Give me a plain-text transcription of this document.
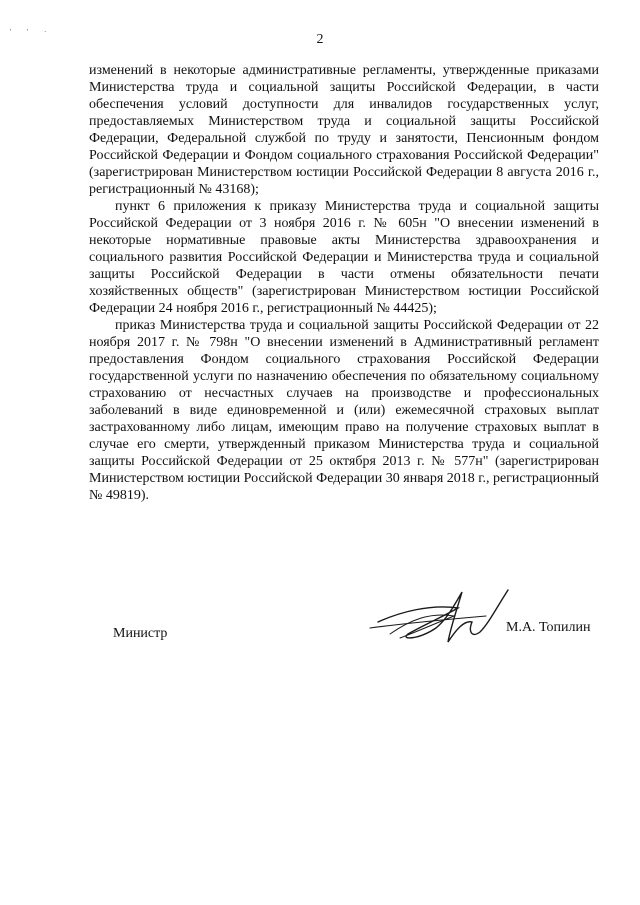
' ' ·	2

изменений в некоторые административные регламенты, утвержденные приказами Министерства труда и социальной защиты Российской Федерации, в части обеспечения условий доступности для инвалидов государственных услуг, предоставляемых Министерством труда и социальной защиты Российской Федерации, Федеральной службой по труду и занятости, Пенсионным фондом Российской Федерации и Фондом социального страхования Российской Федерации" (зарегистрирован Министерством юстиции Российской Федерации 8 августа 2016 г., регистрационный № 43168);

пункт 6 приложения к приказу Министерства труда и социальной защиты Российской Федерации от 3 ноября 2016 г. № 605н "О внесении изменений в некоторые нормативные правовые акты Министерства здравоохранения и социального развития Российской Федерации и Министерства труда и социальной защиты Российской Федерации в части отмены обязательности печати хозяйственных обществ" (зарегистрирован Министерством юстиции Российской Федерации 24 ноября 2016 г., регистрационный № 44425);

приказ Министерства труда и социальной защиты Российской Федерации от 22 ноября 2017 г. № 798н "О внесении изменений в Административный регламент предоставления Фондом социального страхования Российской Федерации государственной услуги по назначению обеспечения по обязательному социальному страхованию от несчастных случаев на производстве и профессиональных заболеваний в виде единовременной и (или) ежемесячной страховых выплат застрахованному либо лицам, имеющим право на получение страховых выплат в случае его смерти, утвержденный приказом Министерства труда и социальной защиты Российской Федерации от 25 октября 2013 г. № 577н" (зарегистрирован Министерством юстиции Российской Федерации 30 января 2018 г., регистрационный № 49819).

Министр	М.А. Топилин
